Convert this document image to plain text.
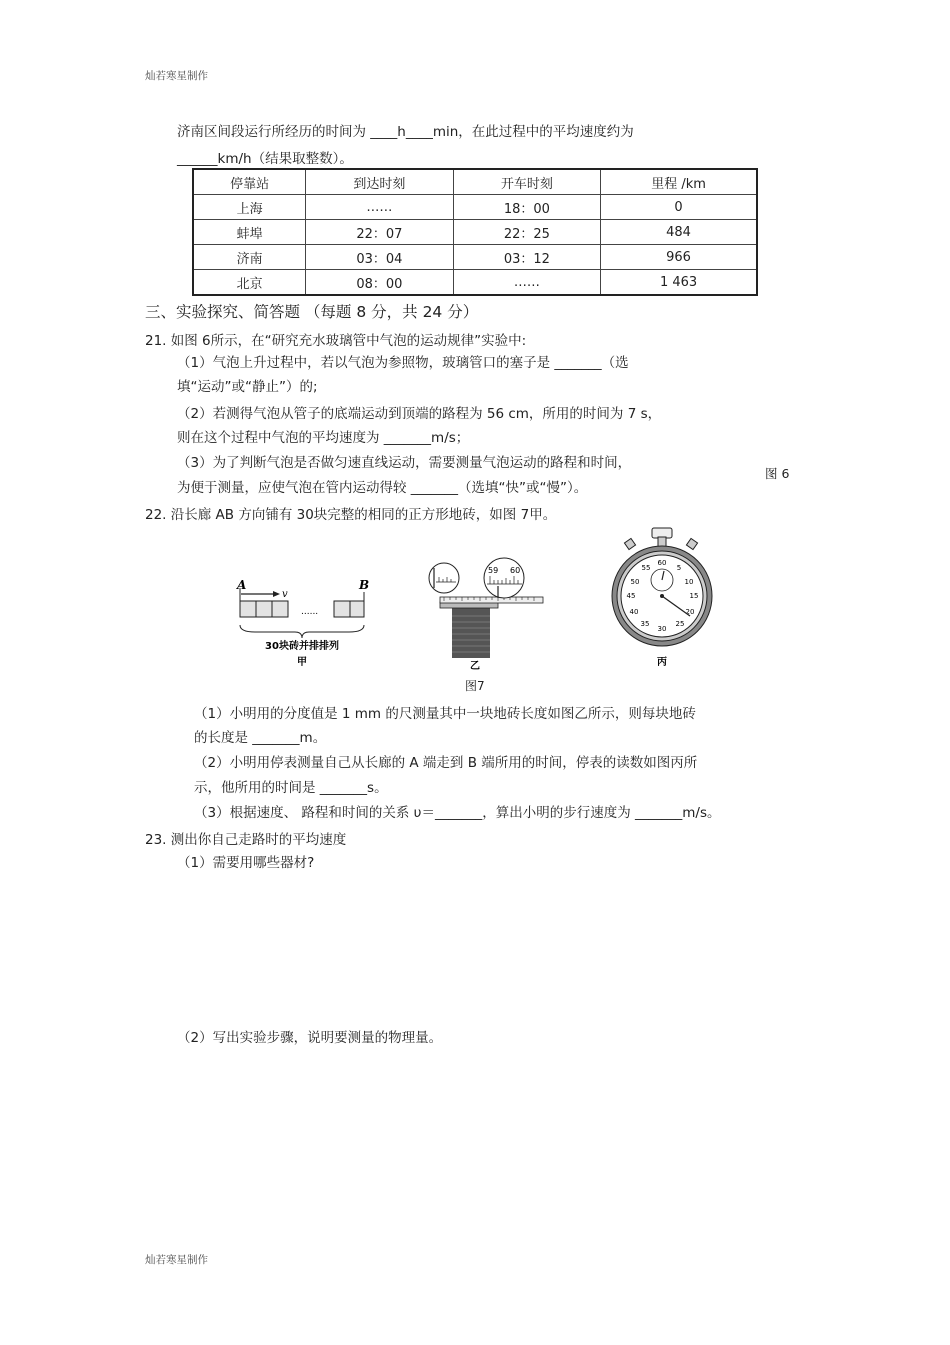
灿若寒星制作
济南区间段运行所经历的时间为 ____h____min，在此过程中的平均速度约为
______km/h（结果取整数）。
停靠站	到达时刻	开车时刻	里程 /km
上海	……	18：00	0
蚌埠	22：07	22：25	484
济南	03：04	03：12	966
北京	08：00	……	1 463
三、实验探究、简答题 （每题 8 分，共 24 分）
21. 如图 6所示，在“研究充水玻璃管中气泡的运动规律”实验中:
（1）气泡上升过程中，若以气泡为参照物，玻璃管口的塞子是 _______（选
填“运动”或“静止”）的;
（2）若测得气泡从管子的底端运动到顶端的路程为 56 cm，所用的时间为 7 s，
则在这个过程中气泡的平均速度为 _______m/s；
（3）为了判断气泡是否做匀速直线运动，需要测量气泡运动的路程和时间，
为便于测量，应使气泡在管内运动得较 _______（选填“快”或“慢”）。
图 6
22. 沿长廊 AB 方向铺有 30块完整的相同的正方形地砖，如图 7甲。
A	B
v
......
30块砖并排排列
甲
59 60
乙
60
5
10
15
20
25
30
35
40
45
50
55
丙
图7
（1）小明用的分度值是 1 mm 的尺测量其中一块地砖长度如图乙所示，则每块地砖
的长度是 _______m。
（2）小明用停表测量自己从长廊的 A 端走到 B 端所用的时间，停表的读数如图丙所
示，他所用的时间是 _______s。
（3）根据速度、 路程和时间的关系 υ＝_______，算出小明的步行速度为 _______m/s。
23. 测出你自己走路时的平均速度
（1）需要用哪些器材?
（2）写出实验步骤，说明要测量的物理量。
灿若寒星制作
